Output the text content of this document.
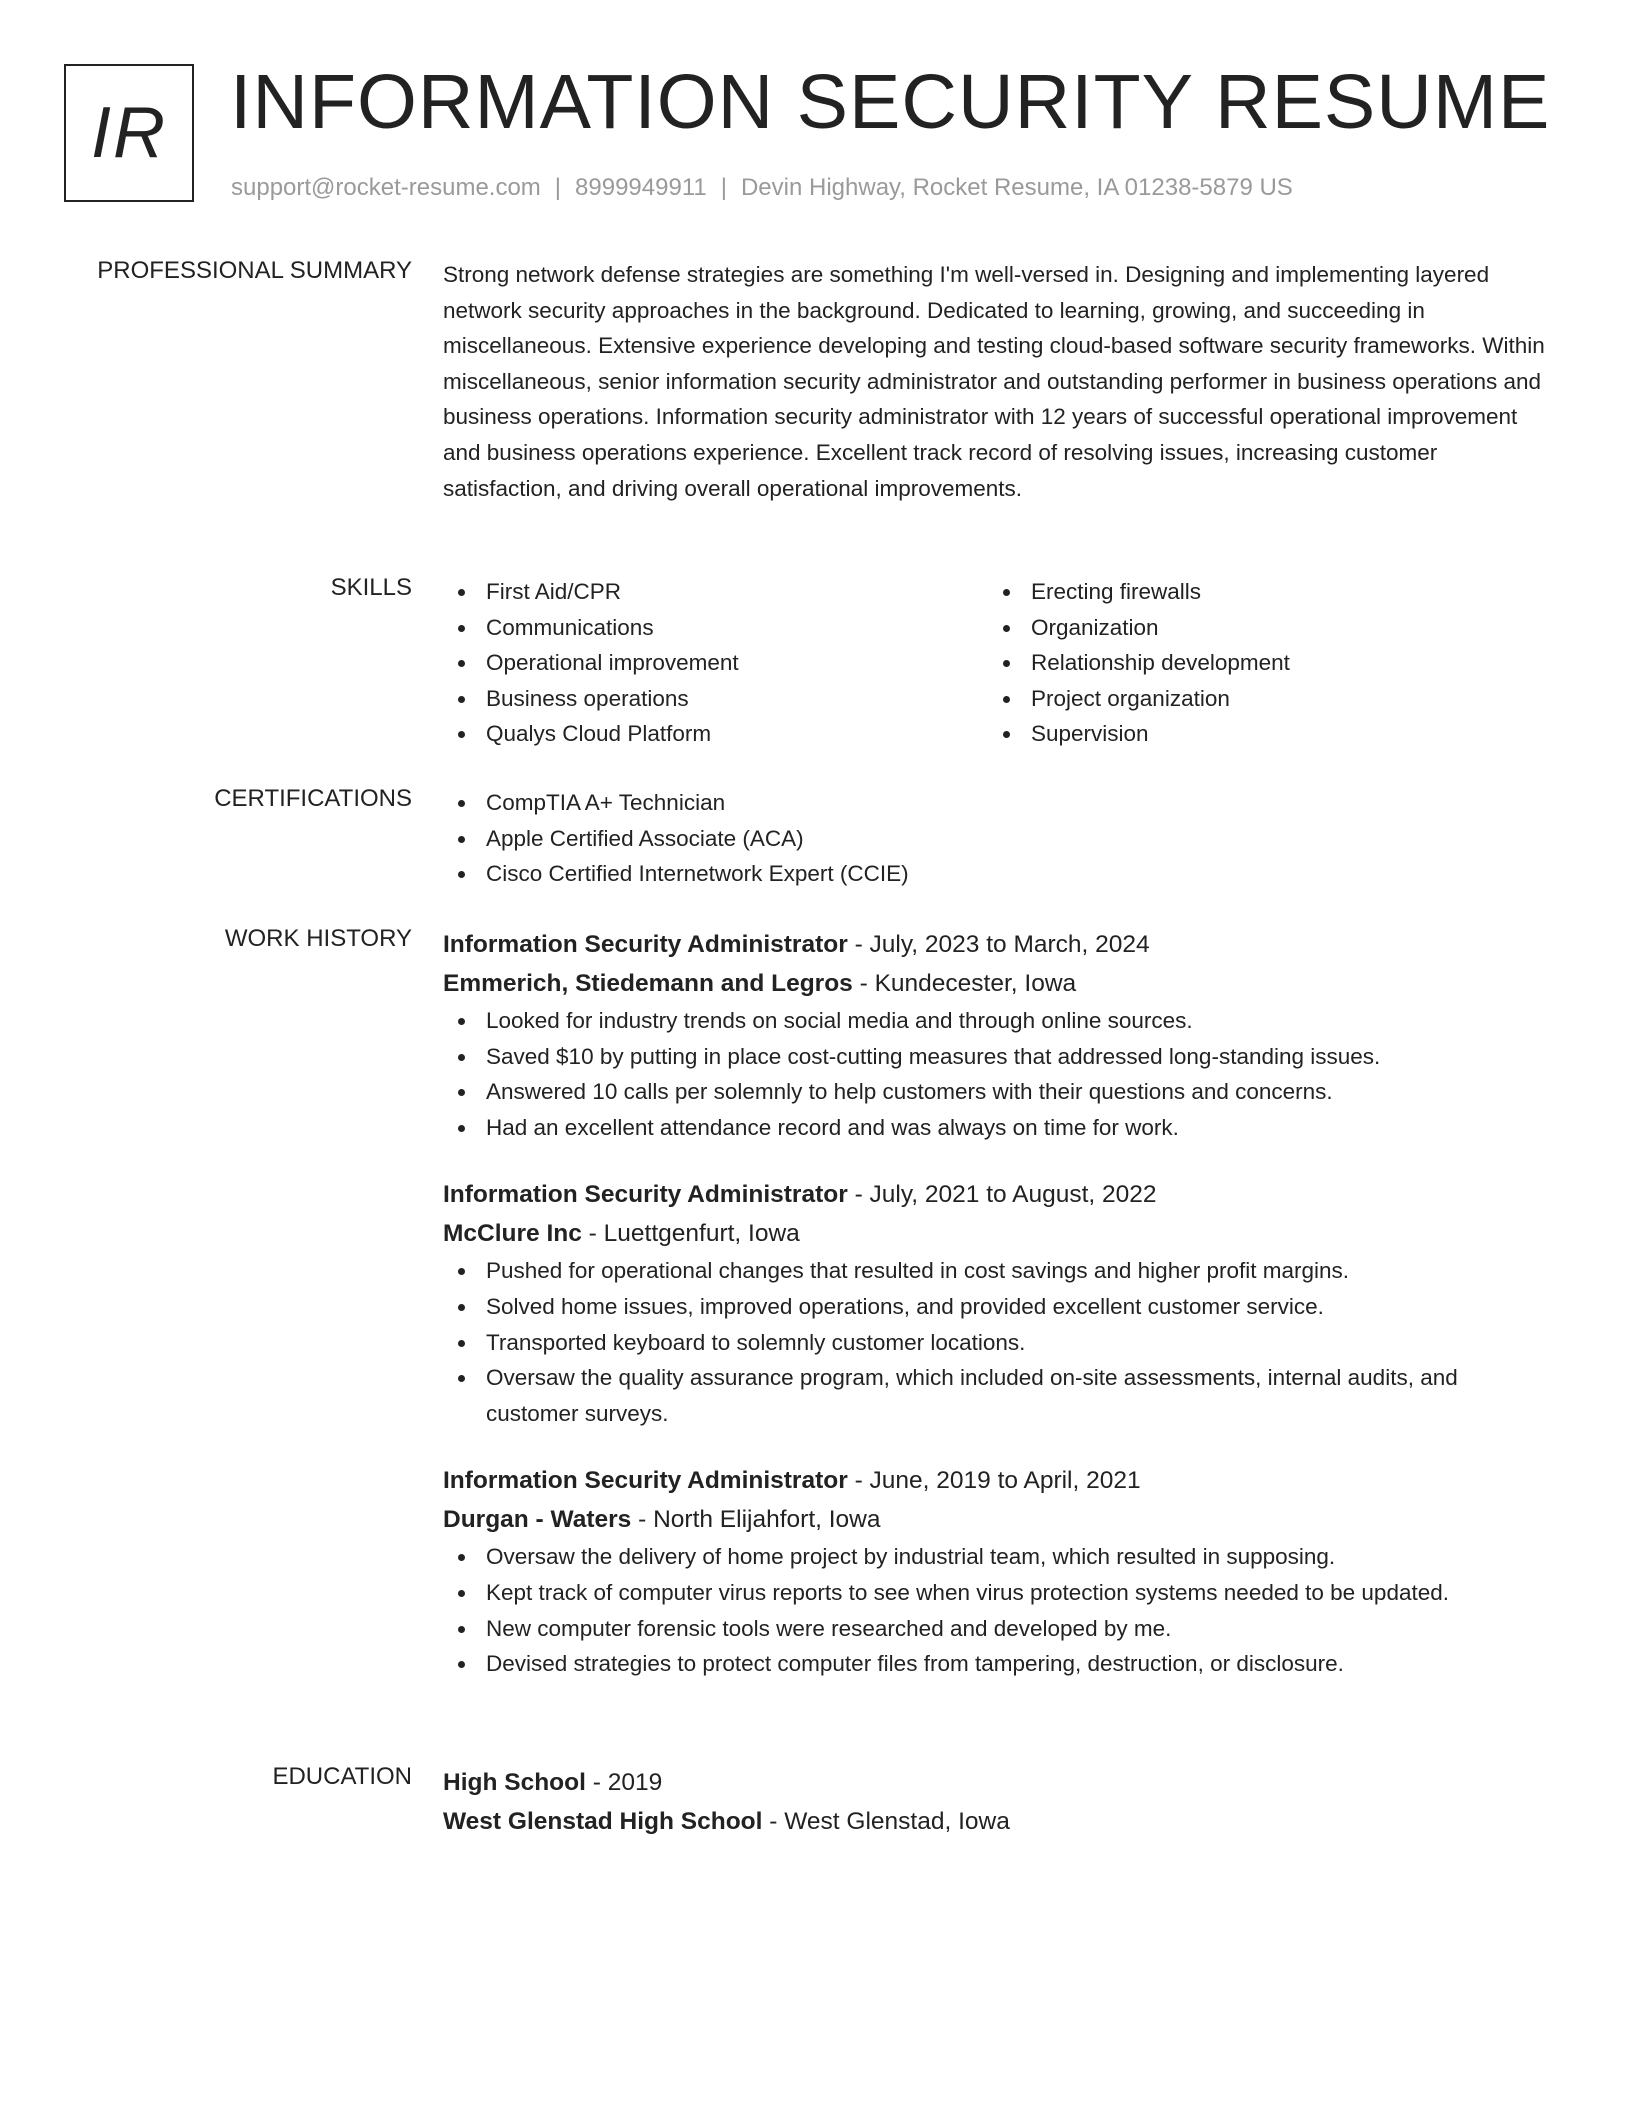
IR INFORMATION SECURITY RESUME
support@rocket-resume.com | 8999949911 | Devin Highway, Rocket Resume, IA 01238-5879 US
PROFESSIONAL SUMMARY Strong network defense strategies are something I'm well-versed in. Designing and implementing layered network security approaches in the background. Dedicated to learning, growing, and succeeding in miscellaneous. Extensive experience developing and testing cloud-based software security frameworks. Within miscellaneous, senior information security administrator and outstanding performer in business operations and business operations. Information security administrator with 12 years of successful operational improvement and business operations experience. Excellent track record of resolving issues, increasing customer satisfaction, and driving overall operational improvements.

SKILLS	First Aid/CPR
Communications
Operational improvement
Business operations
Qualys Cloud Platform
Erecting firewalls
Organization
Relationship development
Project organization
Supervision
CERTIFICATIONS	CompTIA A+ Technician
Apple Certified Associate (ACA)
Cisco Certified Internetwork Expert (CCIE)
WORK HISTORY Information Security Administrator - July, 2023 to March, 2024
Emmerich, Stiedemann and Legros - Kundecester, Iowa
Looked for industry trends on social media and through online sources.
Saved $10 by putting in place cost-cutting measures that addressed long-standing issues.
Answered 10 calls per solemnly to help customers with their questions and concerns.
Had an excellent attendance record and was always on time for work.
Information Security Administrator - July, 2021 to August, 2022
McClure Inc - Luettgenfurt, Iowa
Pushed for operational changes that resulted in cost savings and higher profit margins.
Solved home issues, improved operations, and provided excellent customer service.
Transported keyboard to solemnly customer locations.
Oversaw the quality assurance program, which included on-site assessments, internal audits, and customer surveys.
Information Security Administrator - June, 2019 to April, 2021
Durgan - Waters - North Elijahfort, Iowa
Oversaw the delivery of home project by industrial team, which resulted in supposing.
Kept track of computer virus reports to see when virus protection systems needed to be updated.
New computer forensic tools were researched and developed by me.
Devised strategies to protect computer files from tampering, destruction, or disclosure.
EDUCATION High School - 2019
West Glenstad High School - West Glenstad, Iowa
